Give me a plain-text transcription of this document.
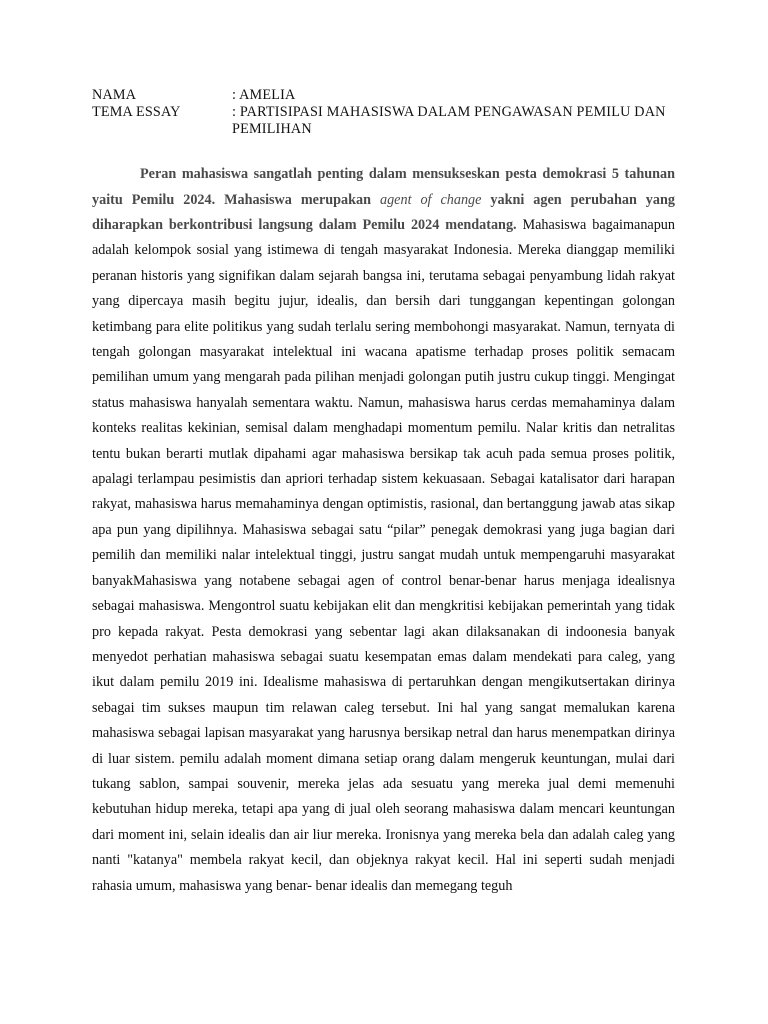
NAMA	: AMELIA
TEMA ESSAY	: PARTISIPASI MAHASISWA DALAM PENGAWASAN PEMILU DAN PEMILIHAN

Peran mahasiswa sangatlah penting dalam mensukseskan pesta demokrasi 5 tahunan yaitu Pemilu 2024. Mahasiswa merupakan agent of change yakni agen perubahan yang diharapkan berkontribusi langsung dalam Pemilu 2024 mendatang. Mahasiswa bagaimanapun adalah kelompok sosial yang istimewa di tengah masyarakat Indonesia. Mereka dianggap memiliki peranan historis yang signifikan dalam sejarah bangsa ini, terutama sebagai penyambung lidah rakyat yang dipercaya masih begitu jujur, idealis, dan bersih dari tunggangan kepentingan golongan ketimbang para elite politikus yang sudah terlalu sering membohongi masyarakat. Namun, ternyata di tengah golongan masyarakat intelektual ini wacana apatisme terhadap proses politik semacam pemilihan umum yang mengarah pada pilihan menjadi golongan putih justru cukup tinggi. Mengingat status mahasiswa hanyalah sementara waktu. Namun, mahasiswa harus cerdas memahaminya dalam konteks realitas kekinian, semisal dalam menghadapi momentum pemilu. Nalar kritis dan netralitas tentu bukan berarti mutlak dipahami agar mahasiswa bersikap tak acuh pada semua proses politik, apalagi terlampau pesimistis dan apriori terhadap sistem kekuasaan. Sebagai katalisator dari harapan rakyat, mahasiswa harus memahaminya dengan optimistis, rasional, dan bertanggung jawab atas sikap apa pun yang dipilihnya. Mahasiswa sebagai satu “pilar” penegak demokrasi yang juga bagian dari pemilih dan memiliki nalar intelektual tinggi, justru sangat mudah untuk mempengaruhi masyarakat banyakMahasiswa yang notabene sebagai agen of control benar-benar harus menjaga idealisnya sebagai mahasiswa. Mengontrol suatu kebijakan elit dan mengkritisi kebijakan pemerintah yang tidak pro kepada rakyat. Pesta demokrasi yang sebentar lagi akan dilaksanakan di indoonesia banyak menyedot perhatian mahasiswa sebagai suatu kesempatan emas dalam mendekati para caleg, yang ikut dalam pemilu 2019 ini. Idealisme mahasiswa di pertaruhkan dengan mengikutsertakan dirinya sebagai tim sukses maupun tim relawan caleg tersebut. Ini hal yang sangat memalukan karena mahasiswa sebagai lapisan masyarakat yang harusnya bersikap netral dan harus menempatkan dirinya di luar sistem. pemilu adalah moment dimana setiap orang dalam mengeruk keuntungan, mulai dari tukang sablon, sampai souvenir, mereka jelas ada sesuatu yang mereka jual demi memenuhi kebutuhan hidup mereka, tetapi apa yang di jual oleh seorang mahasiswa dalam mencari keuntungan dari moment ini, selain idealis dan air liur mereka. Ironisnya yang mereka bela dan adalah caleg yang nanti "katanya" membela rakyat kecil, dan objeknya rakyat kecil. Hal ini seperti sudah menjadi rahasia umum, mahasiswa yang benar- benar idealis dan memegang teguh
